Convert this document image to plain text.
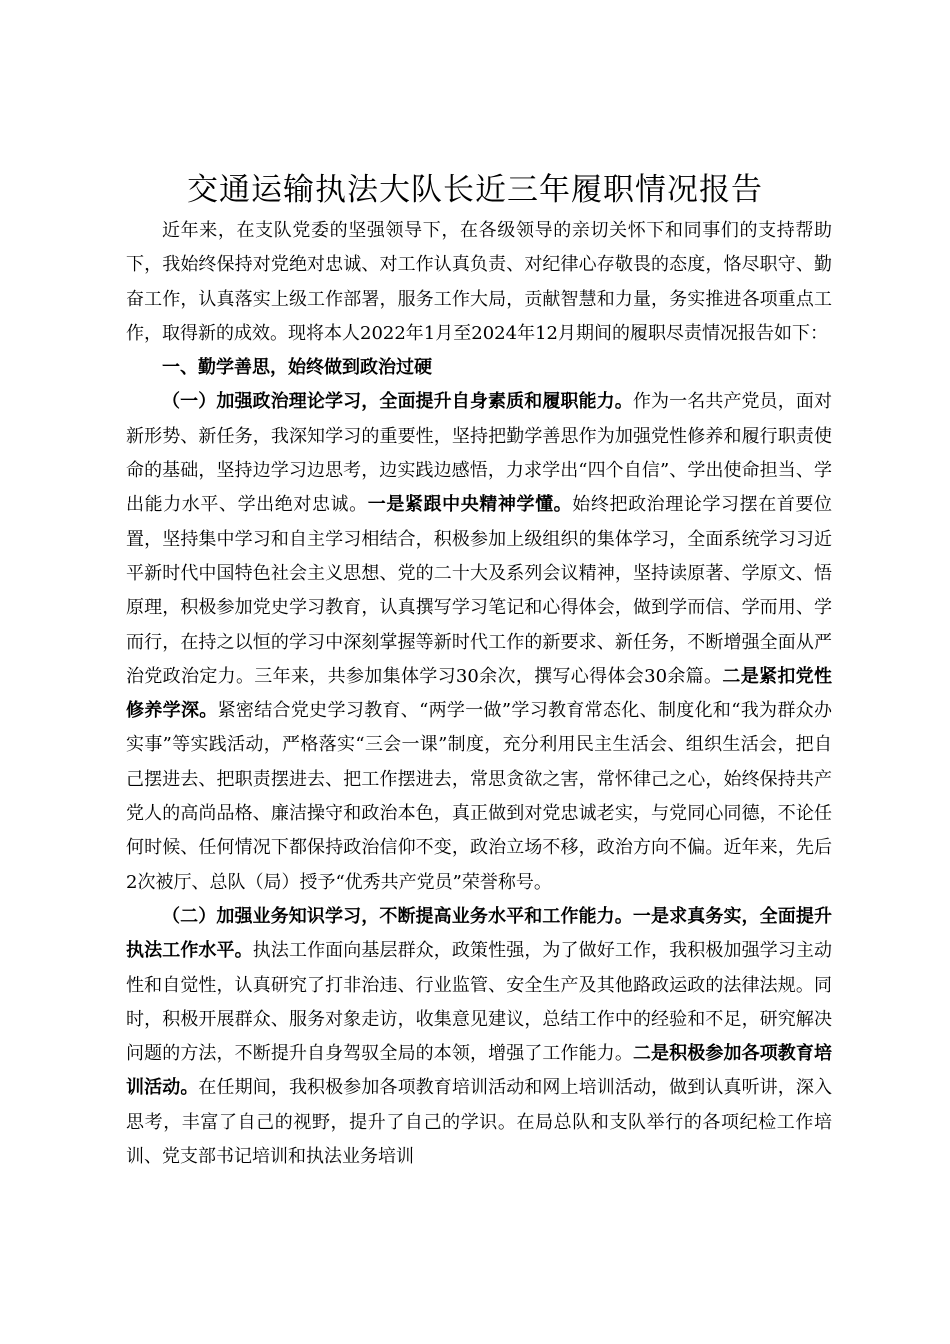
交通运输执法大队长近三年履职情况报告

近年来，在支队党委的坚强领导下，在各级领导的亲切关怀下和同事们的支持帮助下，我始终保持对党绝对忠诚、对工作认真负责、对纪律心存敬畏的态度，恪尽职守、勤奋工作，认真落实上级工作部署，服务工作大局，贡献智慧和力量，务实推进各项重点工作，取得新的成效。现将本人2022年1月至2024年12月期间的履职尽责情况报告如下：

一、勤学善思，始终做到政治过硬

（一）加强政治理论学习，全面提升自身素质和履职能力。作为一名共产党员，面对新形势、新任务，我深知学习的重要性，坚持把勤学善思作为加强党性修养和履行职责使命的基础，坚持边学习边思考，边实践边感悟，力求学出“四个自信”、学出使命担当、学出能力水平、学出绝对忠诚。一是紧跟中央精神学懂。始终把政治理论学习摆在首要位置，坚持集中学习和自主学习相结合，积极参加上级组织的集体学习，全面系统学习习近平新时代中国特色社会主义思想、党的二十大及系列会议精神，坚持读原著、学原文、悟原理，积极参加党史学习教育，认真撰写学习笔记和心得体会，做到学而信、学而用、学而行，在持之以恒的学习中深刻掌握等新时代工作的新要求、新任务，不断增强全面从严治党政治定力。三年来，共参加集体学习30余次，撰写心得体会30余篇。二是紧扣党性修养学深。紧密结合党史学习教育、“两学一做”学习教育常态化、制度化和“我为群众办实事”等实践活动，严格落实“三会一课”制度，充分利用民主生活会、组织生活会，把自己摆进去、把职责摆进去、把工作摆进去，常思贪欲之害，常怀律己之心，始终保持共产党人的高尚品格、廉洁操守和政治本色，真正做到对党忠诚老实，与党同心同德，不论任何时候、任何情况下都保持政治信仰不变，政治立场不移，政治方向不偏。近年来，先后2次被厅、总队（局）授予“优秀共产党员”荣誉称号。

（二）加强业务知识学习，不断提高业务水平和工作能力。一是求真务实，全面提升执法工作水平。执法工作面向基层群众，政策性强，为了做好工作，我积极加强学习主动性和自觉性，认真研究了打非治违、行业监管、安全生产及其他路政运政的法律法规。同时，积极开展群众、服务对象走访，收集意见建议，总结工作中的经验和不足，研究解决问题的方法，不断提升自身驾驭全局的本领，增强了工作能力。二是积极参加各项教育培训活动。在任期间，我积极参加各项教育培训活动和网上培训活动，做到认真听讲，深入思考，丰富了自己的视野，提升了自己的学识。在局总队和支队举行的各项纪检工作培训、党支部书记培训和执法业务培训
